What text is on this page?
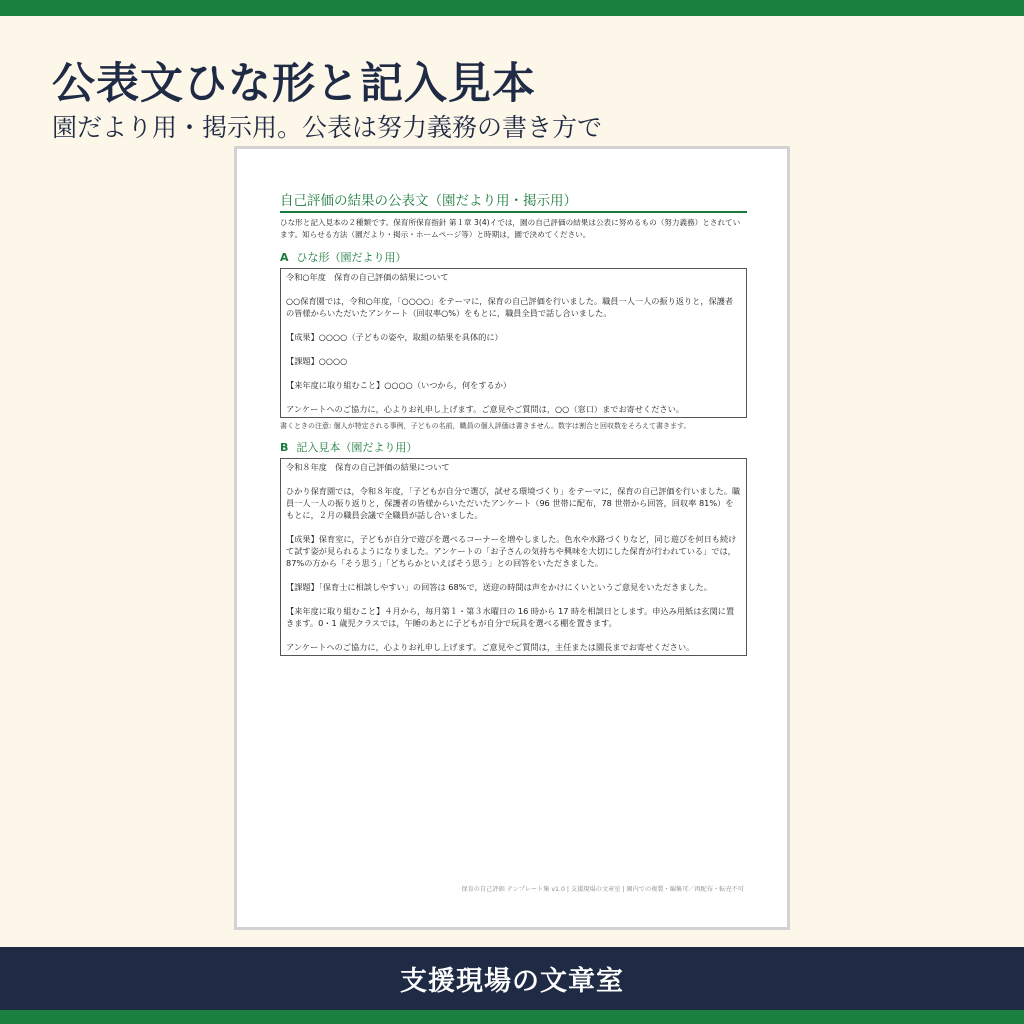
公表文ひな形と記入見本
園だより用・掲示用。公表は努力義務の書き方で
自己評価の結果の公表文（園だより用・掲示用）
ひな形と記入見本の２種類です。保育所保育指針 第１章 3(4)イでは，園の自己評価の結果は公表に努めるもの（努力義務）とされています。知らせる方法（園だより・掲示・ホームページ等）と時期は，園で決めてください。
A ひな形（園だより用）

令和○年度　保育の自己評価の結果について

○○保育園では，令和○年度，「○○○○」をテーマに，保育の自己評価を行いました。職員一人一人の振り返りと，保護者の皆様からいただいたアンケート（回収率○%）をもとに，職員全員で話し合いました。

【成果】○○○○（子どもの姿や，取組の結果を具体的に）

【課題】○○○○

【来年度に取り組むこと】○○○○（いつから，何をするか）

アンケートへのご協力に，心よりお礼申し上げます。ご意見やご質問は，○○（窓口）までお寄せください。

書くときの注意: 個人が特定される事例，子どもの名前，職員の個人評価は書きません。数字は割合と回収数をそろえて書きます。
B 記入見本（園だより用）

令和８年度　保育の自己評価の結果について

ひかり保育園では，令和８年度，「子どもが自分で選び，試せる環境づくり」をテーマに，保育の自己評価を行いました。職員一人一人の振り返りと，保護者の皆様からいただいたアンケート（96 世帯に配布，78 世帯から回答，回収率 81%）をもとに，２月の職員会議で全職員が話し合いました。

【成果】保育室に，子どもが自分で遊びを選べるコーナーを増やしました。色水や水路づくりなど，同じ遊びを何日も続けて試す姿が見られるようになりました。アンケートの「お子さんの気持ちや興味を大切にした保育が行われている」では，87%の方から「そう思う」「どちらかといえばそう思う」との回答をいただきました。

【課題】「保育士に相談しやすい」の回答は 68%で，送迎の時間は声をかけにくいというご意見をいただきました。

【来年度に取り組むこと】４月から，毎月第１・第３水曜日の 16 時から 17 時を相談日とします。申込み用紙は玄関に置きます。0・1 歳児クラスでは，午睡のあとに子どもが自分で玩具を選べる棚を置きます。

アンケートへのご協力に，心よりお礼申し上げます。ご意見やご質問は，主任または園長までお寄せください。

保育の自己評価 テンプレート集 v1.0 | 支援現場の文章室 | 園内での複製・編集可／再配布・転売不可
支援現場の文章室
